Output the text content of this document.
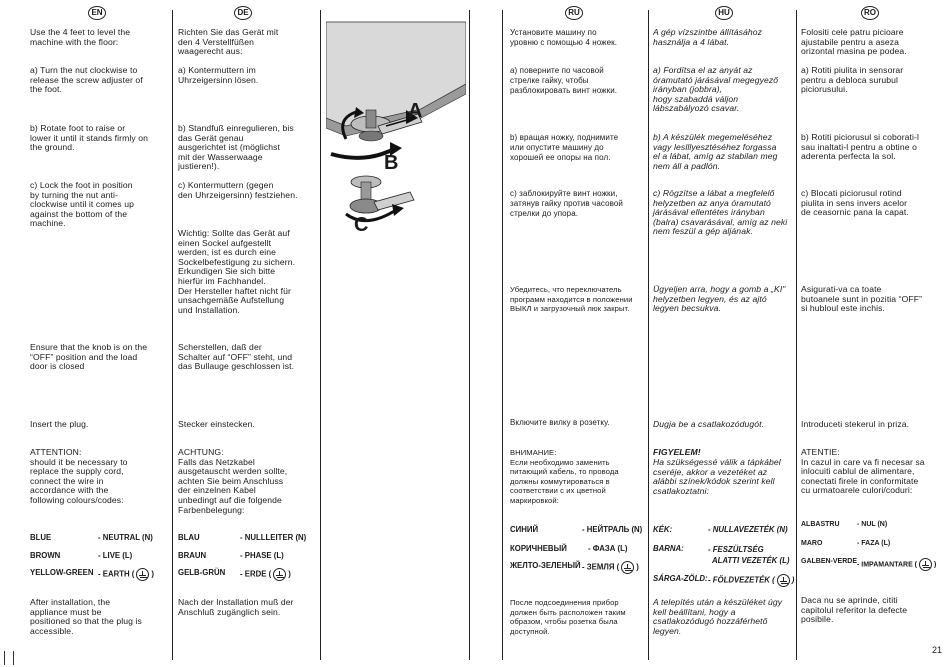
EN	DE	RU	HU	RO
Use the 4 feet to level the
machine with the floor:
a) Turn the nut clockwise to
release the screw adjuster of
the foot.
b) Rotate foot to raise or
lower it until it stands firmly on
the ground.
c) Lock the foot in position
by turning the nut anti-
clockwise until it comes up
against the bottom of the
machine.
Ensure that the knob is on the
“OFF” position and the load
door is closed
Insert the plug.
ATTENTION:
should it be necessary to
replace the supply cord,
connect the wire in
accordance with the
following colours/codes:
BLUE	- NEUTRAL (N)
BROWN	- LIVE (L)
YELLOW-GREEN - EARTH ( )
After installation, the
appliance must be
positioned so that the plug is
accessible.
Richten Sie das Gerät mit
den 4 Verstellfüßen
waagerecht aus:
a) Kontermuttern im
Uhrzeigersinn lösen.
b) Standfuß einregulieren, bis
das Gerät genau
ausgerichtet ist (möglichst
mit der Wasserwaage
justieren!).
c) Kontermuttern (gegen
den Uhrzeigersinn) festziehen.
Wichtig: Sollte das Gerät auf
einen Sockel aufgestellt
werden, ist es durch eine
Sockelbefestigung zu sichern.
Erkundigen Sie sich bitte
hierfür im Fachhandel.
Der Hersteller haftet nicht für
unsachgemäße Aufstellung
und Installation.
Scherstellen, daß der
Schalter auf “OFF” steht, und
das Bullauge geschlossen ist.
Stecker einstecken.
ACHTUNG:
Falls das Netzkabel
ausgetauscht werden sollte,
achten Sie beim Anschluss
der einzelnen Kabel
unbedingt auf die folgende
Farbenbelegung:
BLAU	- NULLLEITER (N)
BRAUN	- PHASE (L)
GELB-GRÜN - ERDE ( )
Nach der Installation muß der
Anschluß zugänglich sein.
A
B
C
Установите машину по
уровню с помощью 4 ножек.
a) поверните по часовой
стрелке гайку, чтобы
разблокировать винт ножки.
b) вращая ножку, поднимите
или опустите машину до
хорошей ее опоры на пол.
c) заблокируйте винт ножки,
затянув гайку против часовой
стрелки до упора.
Убедитесь, что переключатель
программ находится в положении
ВЫКЛ и загрузочный люк закрыт.
Включите вилку в розетку.
ВНИМАНИЕ:
Если необходимо заменить
питающий кабель, то провода
должны коммутироваться в
соответствии с их цветной
маркировкой:
СИНИЙ	- НЕЙТРАЛЬ (N)
КОРИЧНЕВЫЙ	- ФАЗА (L)
ЖЕЛТО-ЗЕЛЕНЫЙ - ЗЕМЛЯ ( )
После подсоединения прибор
должен быть расположен таким
образом, чтобы розетка была
доступной.
A gép vízszintbe állításához
használja a 4 lábat.
a) Fordítsa el az anyát az
óramutató járásával megegyező
irányban (jobbra),
hogy szabaddá váljon
lábszabályozó csavar.
b) A készülék megemeléséhez
vagy leslllyesztéséhez forgassa
el a lábat, amíg az stabilan meg
nem áll a padlón.
c) Rögzítse a lábat a megfelelő
helyzetben az anya óramutató
járásával ellentétes irányban
(balra) csavarásával, amíg az neki
nem feszül a gép aljának.
Ügyeljen arra, hogy a gomb a „KI"
helyzetben legyen, és az ajtó
legyen becsukva.
Dugja be a csatlakozódugót.
FIGYELEM!
Ha szükségessé válik a tápkábel
cseréje, akkor a vezetéket az
alábbi színek/kódok szerint kell
csatlakoztatni:
KÉK:	- NULLAVEZETÉK (N)
BARNA:	- FESZÜLTSÉG
ALATTI VEZETÉK (L)
SÁRGA-ZÖLD: - FÖLDVEZETÉK ( )
A telepítés után a készüléket úgy
kell beállítani, hogy a
csatlakozódugó hozzáférhető
legyen.
Folositi cele patru picioare
ajustabile pentru a aseza
orizontal masina pe podea.
a) Rotiti piulita in sensorar
pentru a debloca surubul
piciorusului.
b) Rotiti piciorusul si coborati-l
sau inaltati-l pentru a obtine o
aderenta perfecta la sol.
c) Blocati piciorusul rotind
piulita in sens invers acelor
de ceasornic pana la capat.
Asigurati-va ca toate
butoanele sunt in pozitia “OFF”
si hubloul este inchis.
Introduceti stekerul in priza.
ATENTIE:
In cazul in care va fi necesar sa
inlocuiti cablul de alimentare,
conectati firele in conformitate
cu urmatoarele culori/coduri:
ALBASTRU	- NUL (N)
MARO	- FAZA (L)
GALBEN-VERDE - IMPAMANTARE ( )
Daca nu se aprinde, cititi
capitolul referitor la defecte
posibile.
21
